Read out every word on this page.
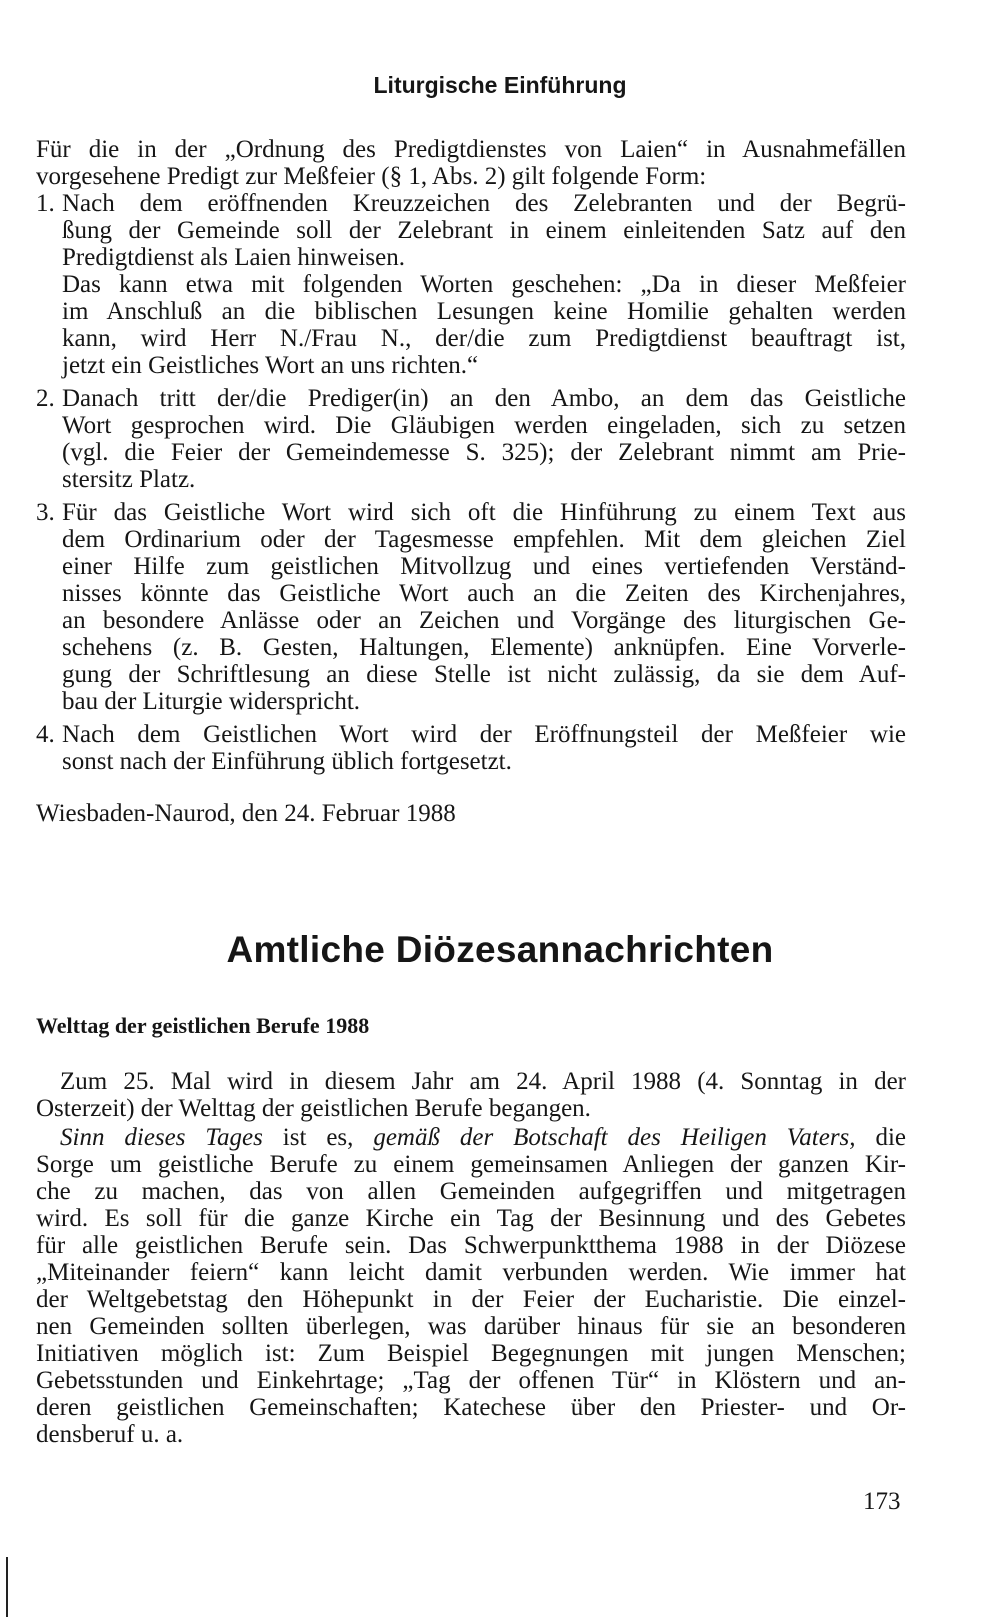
Liturgische Einführung
Für die in der „Ordnung des Predigtdienstes von Laien“ in Ausnahmefällen
vorgesehene Predigt zur Meßfeier (§ 1, Abs. 2) gilt folgende Form:
1. Nach dem eröffnenden Kreuzzeichen des Zelebranten und der Begrü-
ßung der Gemeinde soll der Zelebrant in einem einleitenden Satz auf den
Predigtdienst als Laien hinweisen.
Das kann etwa mit folgenden Worten geschehen: „Da in dieser Meßfeier
im Anschluß an die biblischen Lesungen keine Homilie gehalten werden
kann, wird Herr N./Frau N., der/die zum Predigtdienst beauftragt ist,
jetzt ein Geistliches Wort an uns richten.“
2. Danach tritt der/die Prediger(in) an den Ambo, an dem das Geistliche
Wort gesprochen wird. Die Gläubigen werden eingeladen, sich zu setzen
(vgl. die Feier der Gemeindemesse S. 325); der Zelebrant nimmt am Prie-
stersitz Platz.
3. Für das Geistliche Wort wird sich oft die Hinführung zu einem Text aus
dem Ordinarium oder der Tagesmesse empfehlen. Mit dem gleichen Ziel
einer Hilfe zum geistlichen Mitvollzug und eines vertiefenden Verständ-
nisses könnte das Geistliche Wort auch an die Zeiten des Kirchenjahres,
an besondere Anlässe oder an Zeichen und Vorgänge des liturgischen Ge-
schehens (z. B. Gesten, Haltungen, Elemente) anknüpfen. Eine Vorverle-
gung der Schriftlesung an diese Stelle ist nicht zulässig, da sie dem Auf-
bau der Liturgie widerspricht.
4. Nach dem Geistlichen Wort wird der Eröffnungsteil der Meßfeier wie
sonst nach der Einführung üblich fortgesetzt.
Wiesbaden-Naurod, den 24. Februar 1988
Amtliche Diözesannachrichten
Welttag der geistlichen Berufe 1988
Zum 25. Mal wird in diesem Jahr am 24. April 1988 (4. Sonntag in der
Osterzeit) der Welttag der geistlichen Berufe begangen.
Sinn dieses Tages ist es, gemäß der Botschaft des Heiligen Vaters, die
Sorge um geistliche Berufe zu einem gemeinsamen Anliegen der ganzen Kir-
che zu machen, das von allen Gemeinden aufgegriffen und mitgetragen
wird. Es soll für die ganze Kirche ein Tag der Besinnung und des Gebetes
für alle geistlichen Berufe sein. Das Schwerpunktthema 1988 in der Diözese
„Miteinander feiern“ kann leicht damit verbunden werden. Wie immer hat
der Weltgebetstag den Höhepunkt in der Feier der Eucharistie. Die einzel-
nen Gemeinden sollten überlegen, was darüber hinaus für sie an besonderen
Initiativen möglich ist: Zum Beispiel Begegnungen mit jungen Menschen;
Gebetsstunden und Einkehrtage; „Tag der offenen Tür“ in Klöstern und an-
deren geistlichen Gemeinschaften; Katechese über den Priester- und Or-
densberuf u. a.
173
